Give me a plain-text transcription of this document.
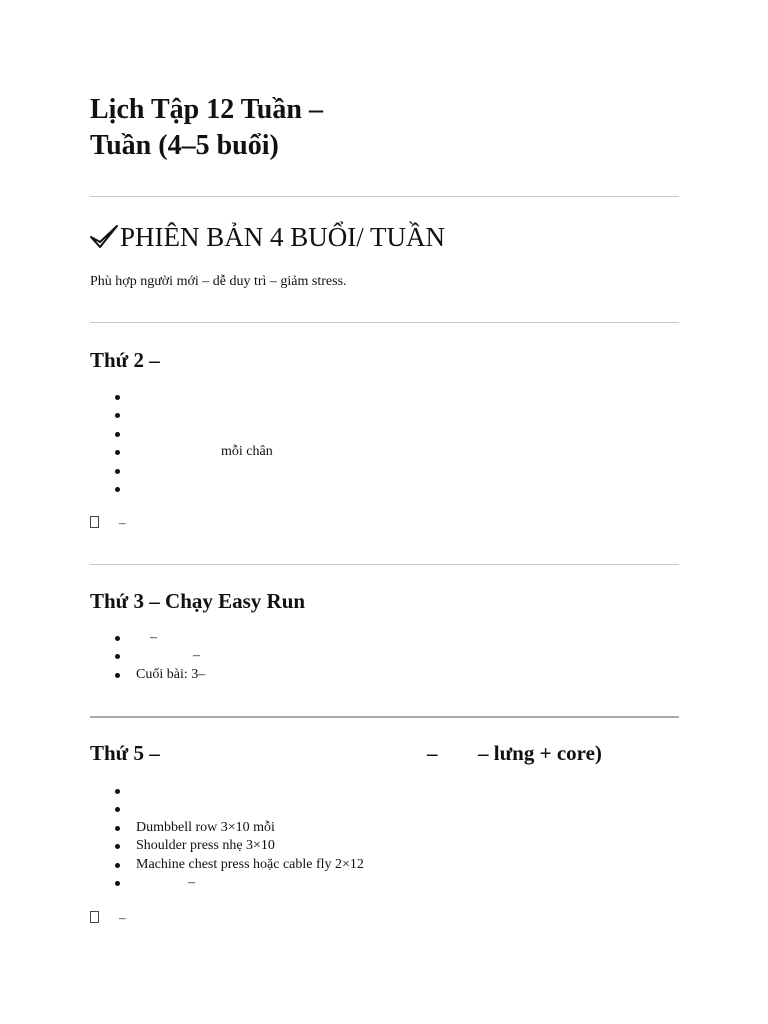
Lịch Tập 12 Tuần –
Tuần (4–5 buổi)
PHIÊN BẢN 4 BUỔI/ TUẦN

Phù hợp người mới – dễ duy trì – giảm stress.

Thứ 2 –
mỗi chân
–
Thứ 3 – Chạy Easy Run
–
–
Cuối bài: 3–
Thứ 5 –	– – lưng + core)
Dumbbell row 3×10 mỗi
Shoulder press nhẹ 3×10
Machine chest press hoặc cable fly 2×12
–
–
